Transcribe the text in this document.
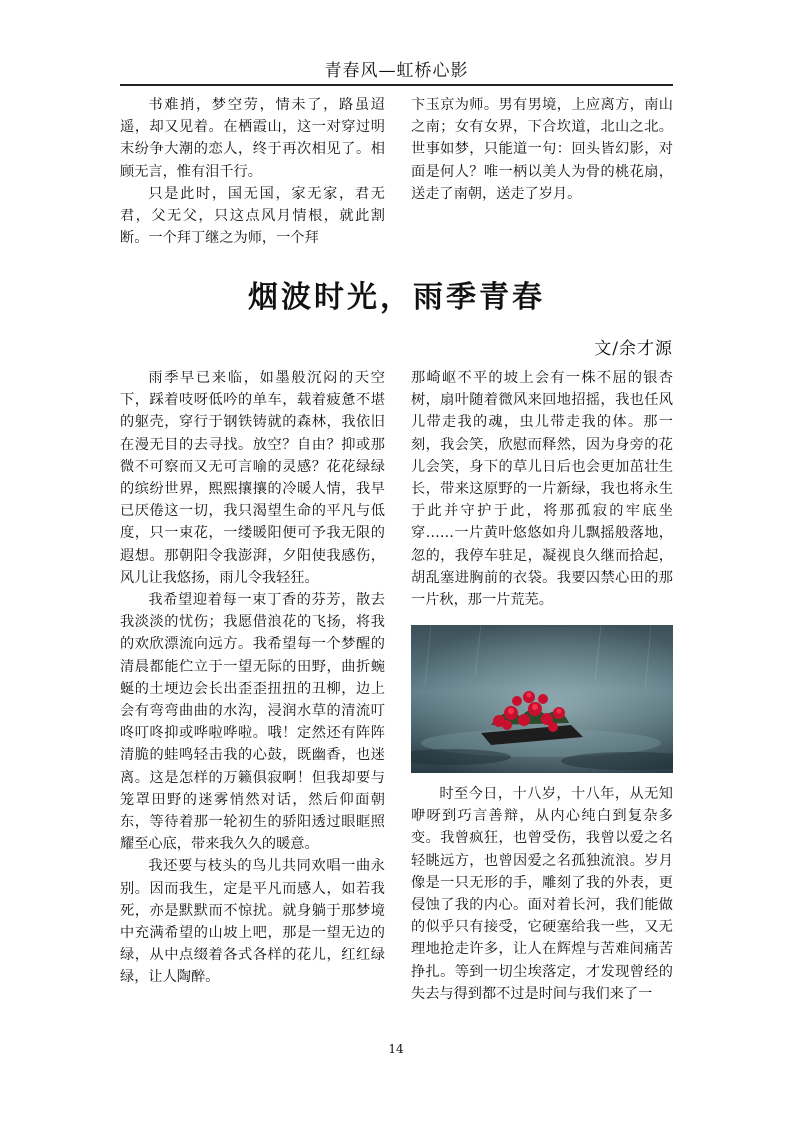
青春风—虹桥心影

书难捎，梦空劳，情未了，路虽迢遥，却又见着。在栖霞山，这一对穿过明末纷争大潮的恋人，终于再次相见了。相顾无言，惟有泪千行。

只是此时，国无国，家无家，君无君，父无父，只这点风月情根，就此割断。一个拜丁继之为师，一个拜

卞玉京为师。男有男境，上应离方，南山之南；女有女界，下合坎道，北山之北。世事如梦，只能道一句：回头皆幻影，对面是何人？唯一柄以美人为骨的桃花扇，送走了南朝，送走了岁月。

烟波时光，雨季青春
文/余才源

雨季早已来临，如墨般沉闷的天空下，踩着吱呀低吟的单车，载着疲惫不堪的躯壳，穿行于钢铁铸就的森林，我依旧在漫无目的去寻找。放空？自由？抑或那微不可察而又无可言喻的灵感？花花绿绿的缤纷世界，熙熙攘攘的冷暖人情，我早已厌倦这一切，我只渴望生命的平凡与低度，只一束花，一缕暖阳便可予我无限的遐想。那朝阳令我澎湃，夕阳使我感伤，风儿让我悠扬，雨儿令我轻狂。

我希望迎着每一束丁香的芬芳，散去我淡淡的忧伤；我愿借浪花的飞扬，将我的欢欣漂流向远方。我希望每一个梦醒的清晨都能伫立于一望无际的田野，曲折蜿蜒的土埂边会长出歪歪扭扭的丑柳，边上会有弯弯曲曲的水沟，浸润水草的清流叮咚叮咚抑或哗啦哗啦。哦！定然还有阵阵清脆的蛙鸣轻击我的心鼓，既幽香，也迷离。这是怎样的万籁俱寂啊！但我却要与笼罩田野的迷雾悄然对话，然后仰面朝东，等待着那一轮初生的骄阳透过眼眶照耀至心底，带来我久久的暖意。

我还要与枝头的鸟儿共同欢唱一曲永别。因而我生，定是平凡而感人，如若我死，亦是默默而不惊扰。就身躺于那梦境中充满希望的山坡上吧，那是一望无边的绿，从中点缀着各式各样的花儿，红红绿绿，让人陶醉。

那崎岖不平的坡上会有一株不屈的银杏树，扇叶随着微风来回地招摇，我也任风儿带走我的魂，虫儿带走我的体。那一刻，我会笑，欣慰而释然，因为身旁的花儿会笑，身下的草儿日后也会更加茁壮生长，带来这原野的一片新绿，我也将永生于此并守护于此，将那孤寂的牢底坐穿……一片黄叶悠悠如舟儿飘摇般落地，忽的，我停车驻足，凝视良久继而拾起，胡乱塞进胸前的衣袋。我要囚禁心田的那一片秋，那一片荒芜。

时至今日，十八岁，十八年，从无知咿呀到巧言善辩，从内心纯白到复杂多变。我曾疯狂，也曾受伤，我曾以爱之名轻眺远方，也曾因爱之名孤独流浪。岁月像是一只无形的手，雕刻了我的外表，更侵蚀了我的内心。面对着长河，我们能做的似乎只有接受，它硬塞给我一些，又无理地抢走许多，让人在辉煌与苦难间痛苦挣扎。等到一切尘埃落定，才发现曾经的失去与得到都不过是时间与我们来了一

14
